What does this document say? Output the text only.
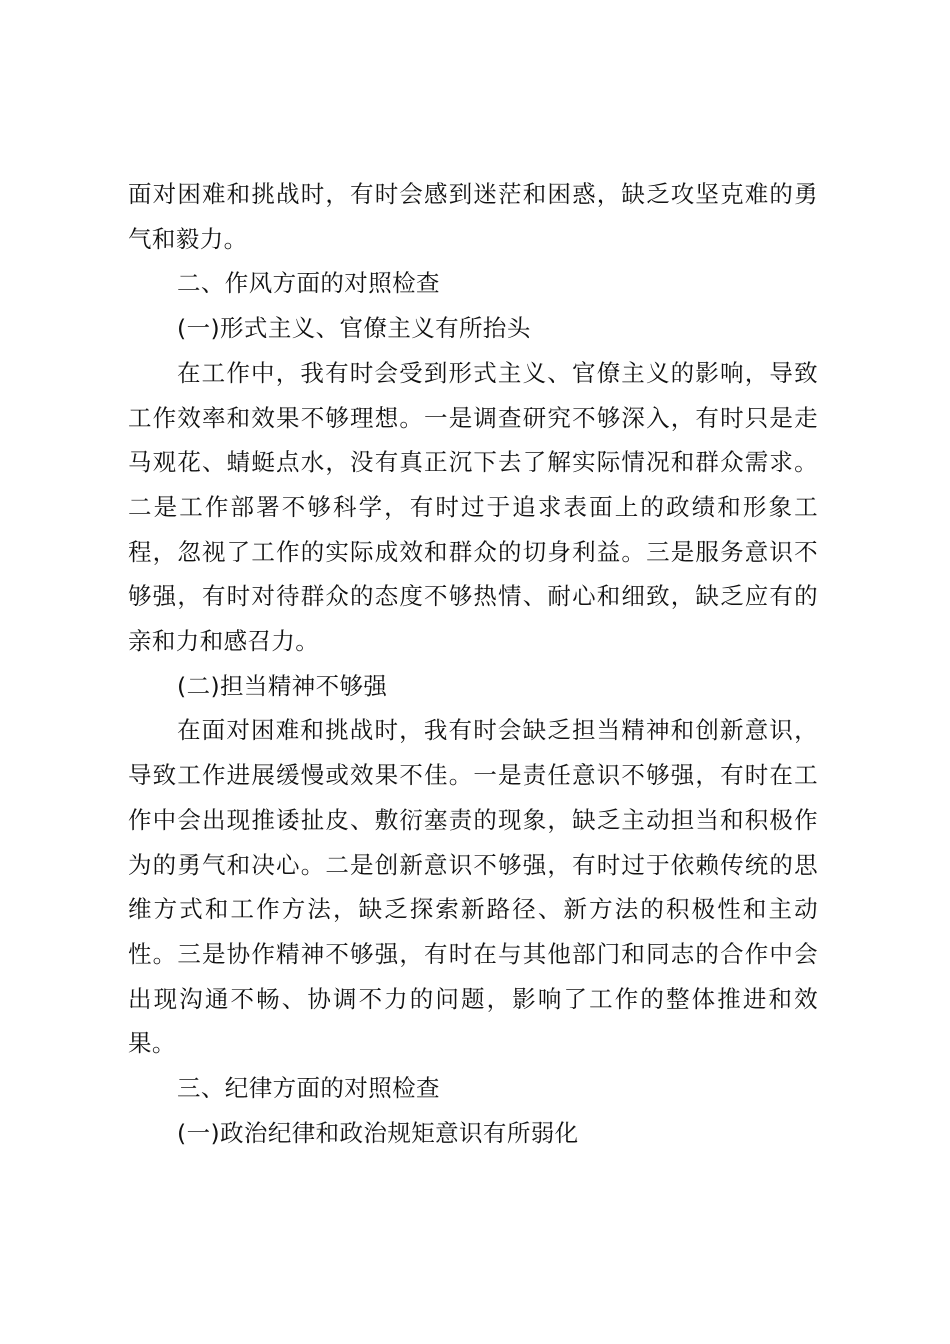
面对困难和挑战时，有时会感到迷茫和困惑，缺乏攻坚克难的勇气和毅力。

二、作风方面的对照检查

(一)形式主义、官僚主义有所抬头

在工作中，我有时会受到形式主义、官僚主义的影响，导致工作效率和效果不够理想。一是调查研究不够深入，有时只是走马观花、蜻蜓点水，没有真正沉下去了解实际情况和群众需求。二是工作部署不够科学，有时过于追求表面上的政绩和形象工程，忽视了工作的实际成效和群众的切身利益。三是服务意识不够强，有时对待群众的态度不够热情、耐心和细致，缺乏应有的亲和力和感召力。

(二)担当精神不够强

在面对困难和挑战时，我有时会缺乏担当精神和创新意识，导致工作进展缓慢或效果不佳。一是责任意识不够强，有时在工作中会出现推诿扯皮、敷衍塞责的现象，缺乏主动担当和积极作为的勇气和决心。二是创新意识不够强，有时过于依赖传统的思维方式和工作方法，缺乏探索新路径、新方法的积极性和主动性。三是协作精神不够强，有时在与其他部门和同志的合作中会出现沟通不畅、协调不力的问题，影响了工作的整体推进和效果。

三、纪律方面的对照检查

(一)政治纪律和政治规矩意识有所弱化
